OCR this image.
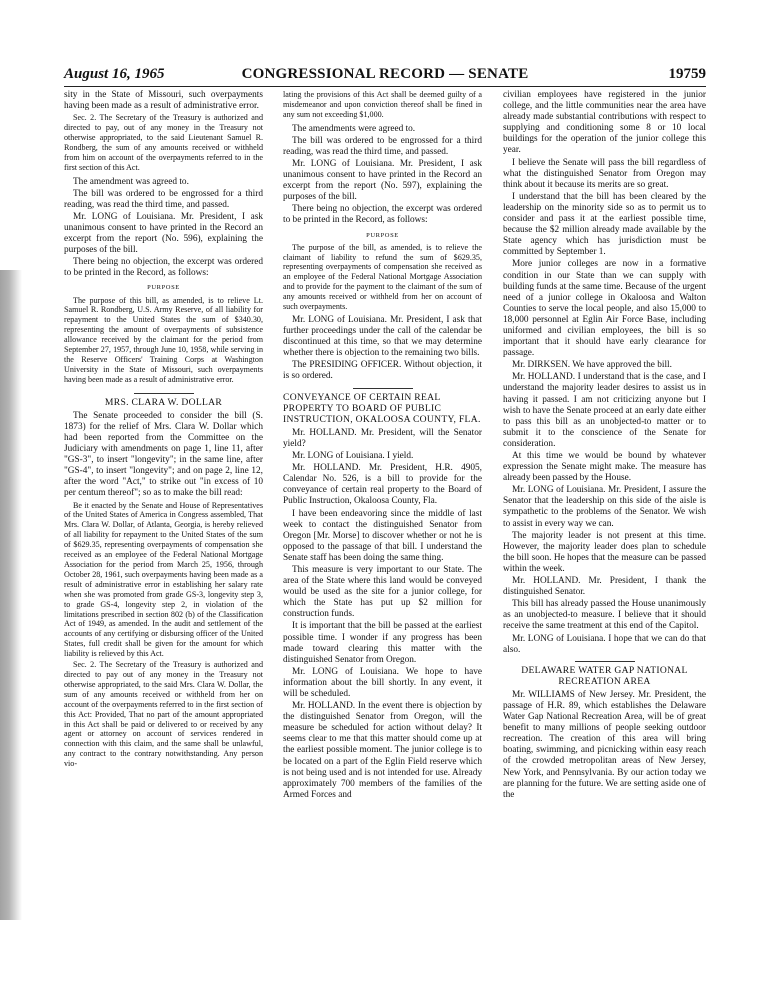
August 16, 1965	CONGRESSIONAL RECORD — SENATE	19759

sity in the State of Missouri, such overpayments having been made as a result of administrative error.

Sec. 2. The Secretary of the Treasury is authorized and directed to pay, out of any money in the Treasury not otherwise appropriated, to the said Lieutenant Samuel R. Rondberg, the sum of any amounts received or withheld from him on account of the overpayments referred to in the first section of this Act.

The amendment was agreed to.

The bill was ordered to be engrossed for a third reading, was read the third time, and passed.

Mr. LONG of Louisiana. Mr. President, I ask unanimous consent to have printed in the Record an excerpt from the report (No. 596), explaining the purposes of the bill.

There being no objection, the excerpt was ordered to be printed in the Record, as follows:

PURPOSE

The purpose of this bill, as amended, is to relieve Lt. Samuel R. Rondberg, U.S. Army Reserve, of all liability for repayment to the United States the sum of $340.30, representing the amount of overpayments of subsistence allowance received by the claimant for the period from September 27, 1957, through June 10, 1958, while serving in the Reserve Officers' Training Corps at Washington University in the State of Missouri, such overpayments having been made as a result of administrative error.

MRS. CLARA W. DOLLAR

The Senate proceeded to consider the bill (S. 1873) for the relief of Mrs. Clara W. Dollar which had been reported from the Committee on the Judiciary with amendments on page 1, line 11, after "GS-3", to insert "longevity"; in the same line, after "GS-4", to insert "longevity"; and on page 2, line 12, after the word "Act," to strike out "in excess of 10 per centum thereof"; so as to make the bill read:

Be it enacted by the Senate and House of Representatives of the United States of America in Congress assembled, That Mrs. Clara W. Dollar, of Atlanta, Georgia, is hereby relieved of all liability for repayment to the United States of the sum of $629.35, representing overpayments of compensation she received as an employee of the Federal National Mortgage Association for the period from March 25, 1956, through October 28, 1961, such overpayments having been made as a result of administrative error in establishing her salary rate when she was promoted from grade GS-3, longevity step 3, to grade GS-4, longevity step 2, in violation of the limitations prescribed in section 802 (b) of the Classification Act of 1949, as amended. In the audit and settlement of the accounts of any certifying or disbursing officer of the United States, full credit shall be given for the amount for which liability is relieved by this Act.

Sec. 2. The Secretary of the Treasury is authorized and directed to pay out of any money in the Treasury not otherwise appropriated, to the said Mrs. Clara W. Dollar, the sum of any amounts received or withheld from her on account of the overpayments referred to in the first section of this Act: Provided, That no part of the amount appropriated in this Act shall be paid or delivered to or received by any agent or attorney on account of services rendered in connection with this claim, and the same shall be unlawful, any contract to the contrary notwithstanding. Any person vio-

lating the provisions of this Act shall be deemed guilty of a misdemeanor and upon conviction thereof shall be fined in any sum not exceeding $1,000.

The amendments were agreed to.

The bill was ordered to be engrossed for a third reading, was read the third time, and passed.

Mr. LONG of Louisiana. Mr. President, I ask unanimous consent to have printed in the Record an excerpt from the report (No. 597), explaining the purposes of the bill.

There being no objection, the excerpt was ordered to be printed in the Record, as follows:

PURPOSE

The purpose of the bill, as amended, is to relieve the claimant of liability to refund the sum of $629.35, representing overpayments of compensation she received as an employee of the Federal National Mortgage Association and to provide for the payment to the claimant of the sum of any amounts received or withheld from her on account of such overpayments.

Mr. LONG of Louisiana. Mr. President, I ask that further proceedings under the call of the calendar be discontinued at this time, so that we may determine whether there is objection to the remaining two bills.

The PRESIDING OFFICER. Without objection, it is so ordered.

CONVEYANCE OF CERTAIN REAL PROPERTY TO BOARD OF PUBLIC INSTRUCTION, OKALOOSA COUNTY, FLA.

Mr. HOLLAND. Mr. President, will the Senator yield?

Mr. LONG of Louisiana. I yield.

Mr. HOLLAND. Mr. President, H.R. 4905, Calendar No. 526, is a bill to provide for the conveyance of certain real property to the Board of Public Instruction, Okaloosa County, Fla.

I have been endeavoring since the middle of last week to contact the distinguished Senator from Oregon [Mr. Morse] to discover whether or not he is opposed to the passage of that bill. I understand the Senate staff has been doing the same thing.

This measure is very important to our State. The area of the State where this land would be conveyed would be used as the site for a junior college, for which the State has put up $2 million for construction funds.

It is important that the bill be passed at the earliest possible time. I wonder if any progress has been made toward clearing this matter with the distinguished Senator from Oregon.

Mr. LONG of Louisiana. We hope to have information about the bill shortly. In any event, it will be scheduled.

Mr. HOLLAND. In the event there is objection by the distinguished Senator from Oregon, will the measure be scheduled for action without delay? It seems clear to me that this matter should come up at the earliest possible moment. The junior college is to be located on a part of the Eglin Field reserve which is not being used and is not intended for use. Already approximately 700 members of the families of the Armed Forces and

civilian employees have registered in the junior college, and the little communities near the area have already made substantial contributions with respect to supplying and conditioning some 8 or 10 local buildings for the operation of the junior college this year.

I believe the Senate will pass the bill regardless of what the distinguished Senator from Oregon may think about it because its merits are so great.

I understand that the bill has been cleared by the leadership on the minority side so as to permit us to consider and pass it at the earliest possible time, because the $2 million already made available by the State agency which has jurisdiction must be committed by September 1.

More junior colleges are now in a formative condition in our State than we can supply with building funds at the same time. Because of the urgent need of a junior college in Okaloosa and Walton Counties to serve the local people, and also 15,000 to 18,000 personnel at Eglin Air Force Base, including uniformed and civilian employees, the bill is so important that it should have early clearance for passage.

Mr. DIRKSEN. We have approved the bill.

Mr. HOLLAND. I understand that is the case, and I understand the majority leader desires to assist us in having it passed. I am not criticizing anyone but I wish to have the Senate proceed at an early date either to pass this bill as an unobjected-to matter or to submit it to the conscience of the Senate for consideration.

At this time we would be bound by whatever expression the Senate might make. The measure has already been passed by the House.

Mr. LONG of Louisiana. Mr. President, I assure the Senator that the leadership on this side of the aisle is sympathetic to the problems of the Senator. We wish to assist in every way we can.

The majority leader is not present at this time. However, the majority leader does plan to schedule the bill soon. He hopes that the measure can be passed within the week.

Mr. HOLLAND. Mr. President, I thank the distinguished Senator.

This bill has already passed the House unanimously as an unobjected-to measure. I believe that it should receive the same treatment at this end of the Capitol.

Mr. LONG of Louisiana. I hope that we can do that also.

DELAWARE WATER GAP NATIONAL RECREATION AREA

Mr. WILLIAMS of New Jersey. Mr. President, the passage of H.R. 89, which establishes the Delaware Water Gap National Recreation Area, will be of great benefit to many millions of people seeking outdoor recreation. The creation of this area will bring boating, swimming, and picnicking within easy reach of the crowded metropolitan areas of New Jersey, New York, and Pennsylvania. By our action today we are planning for the future. We are setting aside one of the
